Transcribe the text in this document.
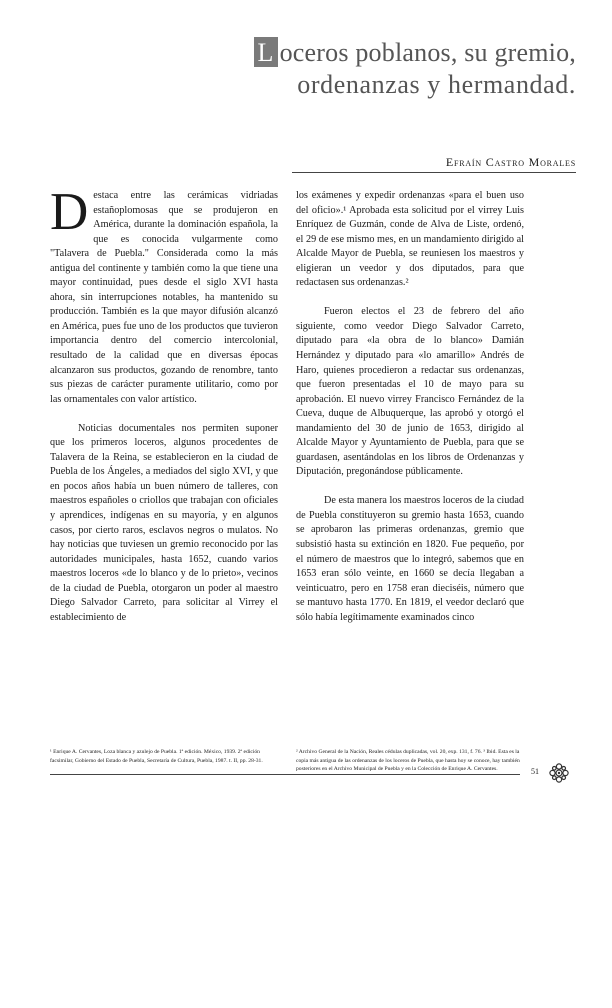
L oceros poblanos, su gremio,
ordenanzas y hermandad.
Efraín Castro Morales

Destaca entre las cerámicas vidriadas estañoplomosas que se produjeron en América, durante la dominación española, la que es conocida vulgarmente como "Talavera de Puebla." Considerada como la más antigua del continente y también como la que tiene una mayor continuidad, pues desde el siglo XVI hasta ahora, sin interrupciones notables, ha mantenido su producción. También es la que mayor difusión alcanzó en América, pues fue uno de los productos que tuvieron importancia dentro del comercio intercolonial, resultado de la calidad que en diversas épocas alcanzaron sus productos, gozando de renombre, tanto sus piezas de carácter puramente utilitario, como por las ornamentales con valor artístico.

Noticias documentales nos permiten suponer que los primeros loceros, algunos procedentes de Talavera de la Reina, se establecieron en la ciudad de Puebla de los Ángeles, a mediados del siglo XVI, y que en pocos años había un buen número de talleres, con maestros españoles o criollos que trabajan con oficiales y aprendices, indígenas en su mayoría, y en algunos casos, por cierto raros, esclavos negros o mulatos. No hay noticias que tuviesen un gremio reconocido por las autoridades municipales, hasta 1652, cuando varios maestros loceros «de lo blanco y de lo prieto», vecinos de la ciudad de Puebla, otorgaron un poder al maestro Diego Salvador Carreto, para solicitar al Virrey el establecimiento de

los exámenes y expedir ordenanzas «para el buen uso del oficio».¹ Aprobada esta solicitud por el virrey Luis Enríquez de Guzmán, conde de Alva de Liste, ordenó, el 29 de ese mismo mes, en un mandamiento dirigido al Alcalde Mayor de Puebla, se reuniesen los maestros y eligieran un veedor y dos diputados, para que redactasen sus ordenanzas.²

Fueron electos el 23 de febrero del año siguiente, como veedor Diego Salvador Carreto, diputado para «la obra de lo blanco» Damián Hernández y diputado para «lo amarillo» Andrés de Haro, quienes procedieron a redactar sus ordenanzas, que fueron presentadas el 10 de mayo para su aprobación. El nuevo virrey Francisco Fernández de la Cueva, duque de Albuquerque, las aprobó y otorgó el mandamiento del 30 de junio de 1653, dirigido al Alcalde Mayor y Ayuntamiento de Puebla, para que se guardasen, asentándolas en los libros de Ordenanzas y Diputación, pregonándose públicamente.

De esta manera los maestros loceros de la ciudad de Puebla constituyeron su gremio hasta 1653, cuando se aprobaron las primeras ordenanzas, gremio que subsistió hasta su extinción en 1820. Fue pequeño, por el número de maestros que lo integró, sabemos que en 1653 eran sólo veinte, en 1660 se decía llegaban a veinticuatro, pero en 1758 eran dieciséis, número que se mantuvo hasta 1770. En 1819, el veedor declaró que sólo había legítimamente examinados cinco

¹ Enrique A. Cervantes, Loza blanca y azulejo de Puebla. 1ª edición. México, 1939. 2ª edición facsimilar, Gobierno del Estado de Puebla, Secretaría de Cultura, Puebla, 1987. t. II, pp. 28-31.
² Archivo General de la Nación, Reales cédulas duplicadas, vol. 20, exp. 131, f. 76. ³ Ibid. Esta es la copia más antigua de las ordenanzas de los loceros de Puebla, que hasta hoy se conoce, hay también posteriores en el Archivo Municipal de Puebla y en la Colección de Enrique A. Cervantes.	51
